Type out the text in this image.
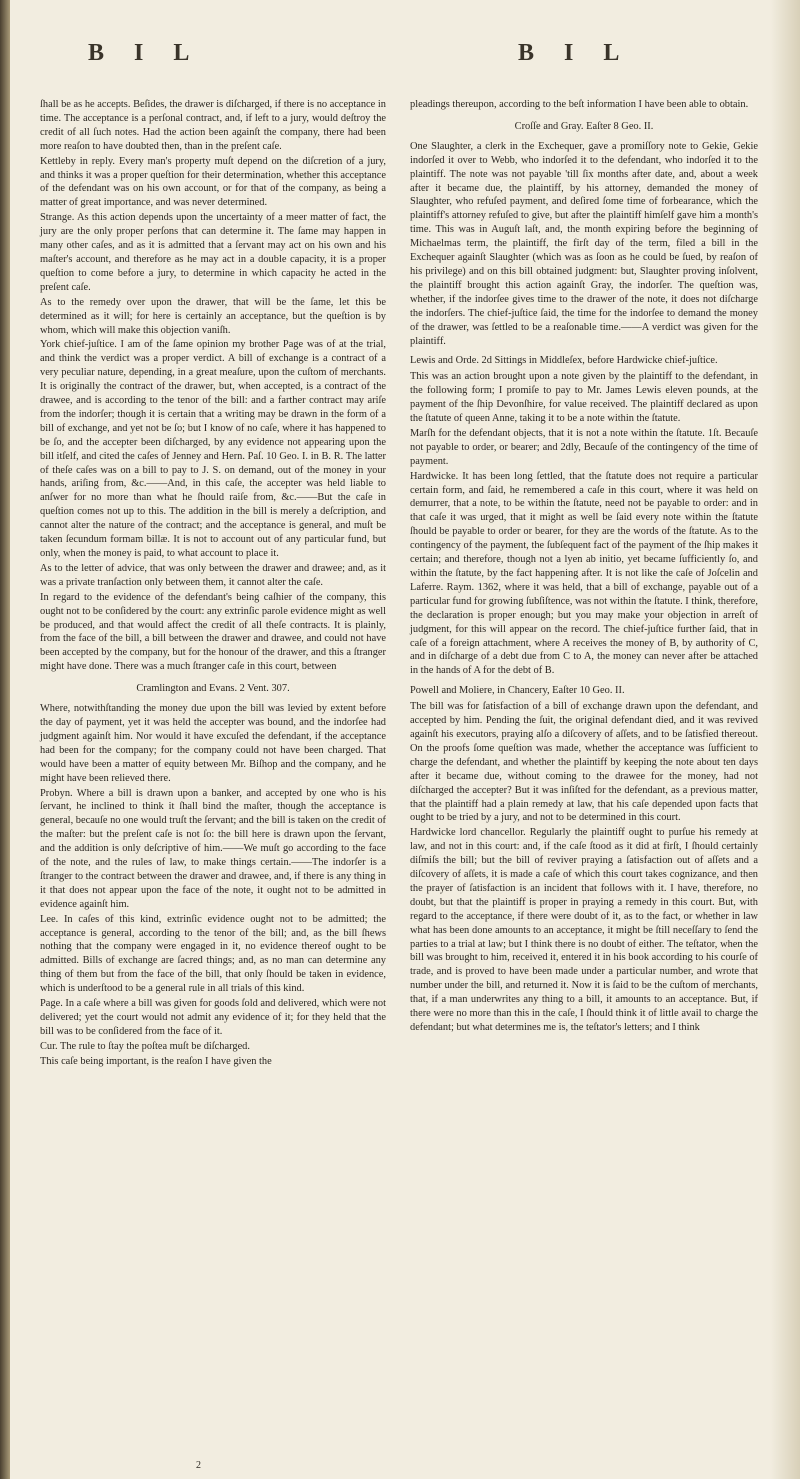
B I L	B I L

ſhall be as he accepts. Beſides, the drawer is diſcharged, if there is no acceptance in time. The acceptance is a perſonal contract, and, if left to a jury, would deſtroy the credit of all ſuch notes. Had the action been againſt the company, there had been more reaſon to have doubted then, than in the preſent caſe.

Kettleby in reply. Every man's property muſt depend on the diſcretion of a jury, and thinks it was a proper queſtion for their determination, whether this acceptance of the defendant was on his own account, or for that of the company, as being a matter of great importance, and was never determined.

Strange. As this action depends upon the uncertainty of a meer matter of fact, the jury are the only proper perſons that can determine it. The ſame may happen in many other caſes, and as it is admitted that a ſervant may act on his own and his maſter's account, and therefore as he may act in a double capacity, it is a proper queſtion to come before a jury, to determine in which capacity he acted in the preſent caſe.

As to the remedy over upon the drawer, that will be the ſame, let this be determined as it will; for here is certainly an acceptance, but the queſtion is by whom, which will make this objection vaniſh.

York chief-juſtice. I am of the ſame opinion my brother Page was of at the trial, and think the verdict was a proper verdict. A bill of exchange is a contract of a very peculiar nature, depending, in a great meaſure, upon the cuſtom of merchants. It is originally the contract of the drawer, but, when accepted, is a contract of the drawee, and is according to the tenor of the bill: and a farther contract may ariſe from the indorſer; though it is certain that a writing may be drawn in the form of a bill of exchange, and yet not be ſo; but I know of no caſe, where it has happened to be ſo, and the accepter been diſcharged, by any evidence not appearing upon the bill itſelf, and cited the caſes of Jenney and Hern. Paſ. 10 Geo. I. in B. R. The latter of theſe caſes was on a bill to pay to J. S. on demand, out of the money in your hands, ariſing from, &c.——And, in this caſe, the accepter was held liable to anſwer for no more than what he ſhould raiſe from, &c.——But the caſe in queſtion comes not up to this. The addition in the bill is merely a deſcription, and cannot alter the nature of the contract; and the acceptance is general, and muſt be taken ſecundum formam billæ. It is not to account out of any particular fund, but only, when the money is paid, to what account to place it.

As to the letter of advice, that was only between the drawer and drawee; and, as it was a private tranſaction only between them, it cannot alter the caſe.

In regard to the evidence of the defendant's being caſhier of the company, this ought not to be conſidered by the court: any extrinſic parole evidence might as well be produced, and that would affect the credit of all theſe contracts. It is plainly, from the face of the bill, a bill between the drawer and drawee, and could not have been accepted by the company, but for the honour of the drawer, and this a ſtranger might have done. There was a much ſtranger caſe in this court, between

Cramlington and Evans. 2 Vent. 307.

Where, notwithſtanding the money due upon the bill was levied by extent before the day of payment, yet it was held the accepter was bound, and the indorſee had judgment againſt him. Nor would it have excuſed the defendant, if the acceptance had been for the company; for the company could not have been charged. That would have been a matter of equity between Mr. Biſhop and the company, and he might have been relieved there.

Probyn. Where a bill is drawn upon a banker, and accepted by one who is his ſervant, he inclined to think it ſhall bind the maſter, though the acceptance is general, becauſe no one would truſt the ſervant; and the bill is taken on the credit of the maſter: but the preſent caſe is not ſo: the bill here is drawn upon the ſervant, and the addition is only deſcriptive of him.——We muſt go according to the face of the note, and the rules of law, to make things certain.——The indorſer is a ſtranger to the contract between the drawer and drawee, and, if there is any thing in it that does not appear upon the face of the note, it ought not to be admitted in evidence againſt him.

Lee. In caſes of this kind, extrinſic evidence ought not to be admitted; the acceptance is general, according to the tenor of the bill; and, as the bill ſhews nothing that the company were engaged in it, no evidence thereof ought to be admitted. Bills of exchange are ſacred things; and, as no man can determine any thing of them but from the face of the bill, that only ſhould be taken in evidence, which is underſtood to be a general rule in all trials of this kind.

Page. In a caſe where a bill was given for goods ſold and delivered, which were not delivered; yet the court would not admit any evidence of it; for they held that the bill was to be conſidered from the face of it.

Cur. The rule to ſtay the poſtea muſt be diſcharged.

This caſe being important, is the reaſon I have given the

pleadings thereupon, according to the beſt information I have been able to obtain.

Croſſe and Gray. Eaſter 8 Geo. II.

One Slaughter, a clerk in the Exchequer, gave a promiſſory note to Gekie, Gekie indorſed it over to Webb, who indorſed it to the defendant, who indorſed it to the plaintiff. The note was not payable 'till ſix months after date, and, about a week after it became due, the plaintiff, by his attorney, demanded the money of Slaughter, who refuſed payment, and deſired ſome time of forbearance, which the plaintiff's attorney refuſed to give, but after the plaintiff himſelf gave him a month's time. This was in Auguſt laſt, and, the month expiring before the beginning of Michaelmas term, the plaintiff, the firſt day of the term, filed a bill in the Exchequer againſt Slaughter (which was as ſoon as he could be ſued, by reaſon of his privilege) and on this bill obtained judgment: but, Slaughter proving inſolvent, the plaintiff brought this action againſt Gray, the indorſer. The queſtion was, whether, if the indorſee gives time to the drawer of the note, it does not diſcharge the indorſers. The chief-juſtice ſaid, the time for the indorſee to demand the money of the drawer, was ſettled to be a reaſonable time.——A verdict was given for the plaintiff.

Lewis and Orde. 2d Sittings in Middleſex, before Hardwicke chief-juſtice.

This was an action brought upon a note given by the plaintiff to the defendant, in the following form; I promiſe to pay to Mr. James Lewis eleven pounds, at the payment of the ſhip Devonſhire, for value received. The plaintiff declared as upon the ſtatute of queen Anne, taking it to be a note within the ſtatute.

Marſh for the defendant objects, that it is not a note within the ſtatute. 1ſt. Becauſe not payable to order, or bearer; and 2dly, Becauſe of the contingency of the time of payment.

Hardwicke. It has been long ſettled, that the ſtatute does not require a particular certain form, and ſaid, he remembered a caſe in this court, where it was held on demurrer, that a note, to be within the ſtatute, need not be payable to order: and in that caſe it was urged, that it might as well be ſaid every note within the ſtatute ſhould be payable to order or bearer, for they are the words of the ſtatute. As to the contingency of the payment, the ſubſequent fact of the payment of the ſhip makes it certain; and therefore, though not a lyen ab initio, yet became ſufficiently ſo, and within the ſtatute, by the fact happening after. It is not like the caſe of Joſcelin and Laferre. Raym. 1362, where it was held, that a bill of exchange, payable out of a particular fund for growing ſubſiſtence, was not within the ſtatute. I think, therefore, the declaration is proper enough; but you may make your objection in arreſt of judgment, for this will appear on the record. The chief-juſtice further ſaid, that in caſe of a foreign attachment, where A receives the money of B, by authority of C, and in diſcharge of a debt due from C to A, the money can never after be attached in the hands of A for the debt of B.

Powell and Moliere, in Chancery, Eaſter 10 Geo. II.

The bill was for ſatisfaction of a bill of exchange drawn upon the defendant, and accepted by him. Pending the ſuit, the original defendant died, and it was revived againſt his executors, praying alſo a diſcovery of aſſets, and to be ſatisfied thereout. On the proofs ſome queſtion was made, whether the acceptance was ſufficient to charge the defendant, and whether the plaintiff by keeping the note about ten days after it became due, without coming to the drawee for the money, had not diſcharged the accepter? But it was inſiſted for the defendant, as a previous matter, that the plaintiff had a plain remedy at law, that his caſe depended upon facts that ought to be tried by a jury, and not to be determined in this court.

Hardwicke lord chancellor. Regularly the plaintiff ought to purſue his remedy at law, and not in this court: and, if the caſe ſtood as it did at firſt, I ſhould certainly diſmiſs the bill; but the bill of reviver praying a ſatisfaction out of aſſets and a diſcovery of aſſets, it is made a caſe of which this court takes cognizance, and then the prayer of ſatisfaction is an incident that follows with it. I have, therefore, no doubt, but that the plaintiff is proper in praying a remedy in this court. But, with regard to the acceptance, if there were doubt of it, as to the fact, or whether in law what has been done amounts to an acceptance, it might be ſtill neceſſary to ſend the parties to a trial at law; but I think there is no doubt of either. The teſtator, when the bill was brought to him, received it, entered it in his book according to his courſe of trade, and is proved to have been made under a particular number, and wrote that number under the bill, and returned it. Now it is ſaid to be the cuſtom of merchants, that, if a man underwrites any thing to a bill, it amounts to an acceptance. But, if there were no more than this in the caſe, I ſhould think it of little avail to charge the defendant; but what determines me is, the teſtator's letters; and I think

2
